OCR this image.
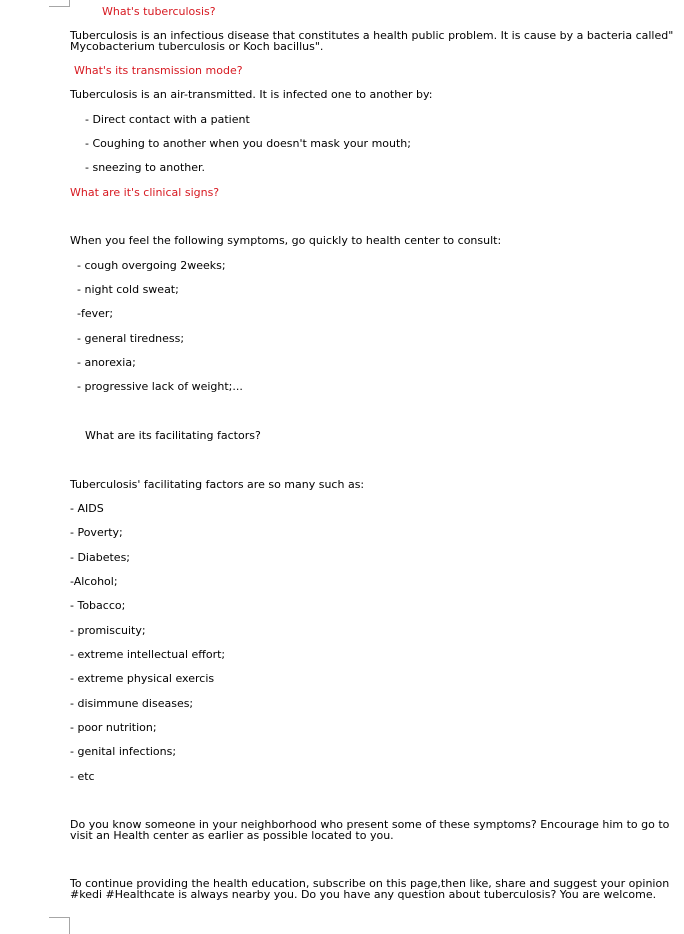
What's tuberculosis?
Tuberculosis is an infectious disease that constitutes a health public problem. It is cause by a bacteria called" Mycobacterium tuberculosis or Koch bacillus".
What's its transmission mode?
Tuberculosis is an air-transmitted. It is infected one to another by:
- Direct contact with a patient
- Coughing to another when you doesn't mask your mouth;
- sneezing to another.
What are it's clinical signs?
When you feel the following symptoms, go quickly to health center to consult:
- cough overgoing 2weeks;
- night cold sweat;
-fever;
- general tiredness;
- anorexia;
- progressive lack of weight;...
What are its facilitating factors?
Tuberculosis' facilitating factors are so many such as:
- AIDS
- Poverty;
- Diabetes;
-Alcohol;
- Tobacco;
- promiscuity;
- extreme intellectual effort;
- extreme physical exercis
- disimmune diseases;
- poor nutrition;
- genital infections;
- etc
Do you know someone in your neighborhood who present some of these symptoms? Encourage him to go to visit an Health center as earlier as possible located to you.
To continue providing the health education, subscribe on this page,then like, share and suggest your opinion #kedi #Healthcate is always nearby you. Do you have any question about tuberculosis? You are welcome.
